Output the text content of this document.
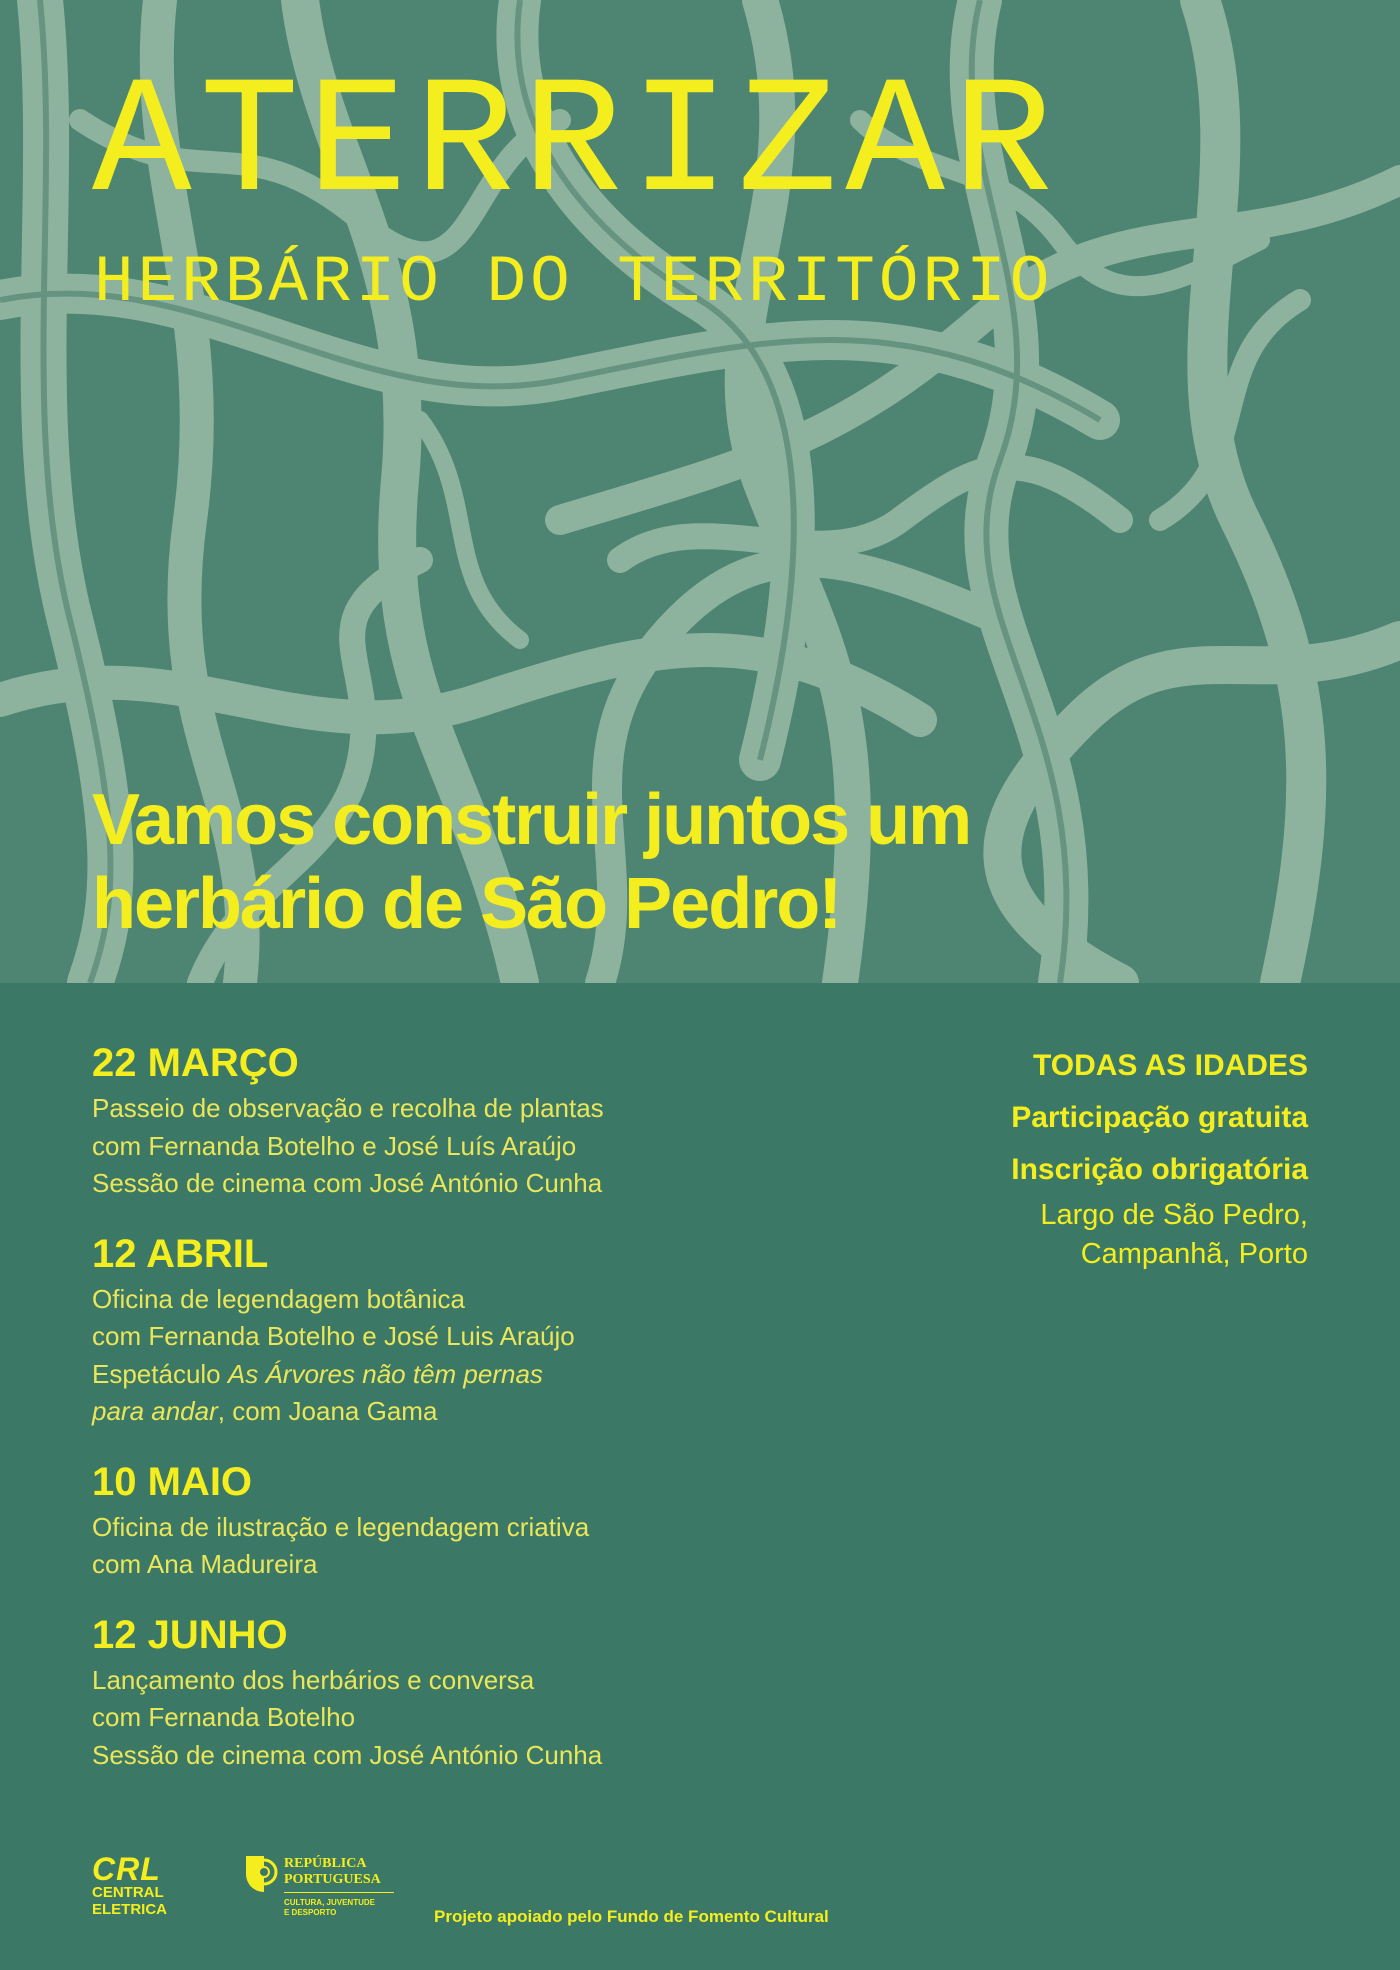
ATERRIZAR
HERBÁRIO DO TERRITÓRIO

Vamos construir juntos um
herbário de São Pedro!

22 MARÇO
Passeio de observação e recolha de plantas
com Fernanda Botelho e José Luís Araújo
Sessão de cinema com José António Cunha
12 ABRIL
Oficina de legendagem botânica
com Fernanda Botelho e José Luis Araújo
Espetáculo As Árvores não têm pernas
para andar, com Joana Gama
10 MAIO
Oficina de ilustração e legendagem criativa
com Ana Madureira
12 JUNHO
Lançamento dos herbários e conversa
com Fernanda Botelho
Sessão de cinema com José António Cunha
TODAS AS IDADES
Participação gratuita
Inscrição obrigatória
Largo de São Pedro,
Campanhã, Porto
CRL
CENTRAL
ELETRICA
REPÚBLICA
PORTUGUESA
CULTURA, JUVENTUDE
E DESPORTO	Projeto apoiado pelo Fundo de Fomento Cultural
